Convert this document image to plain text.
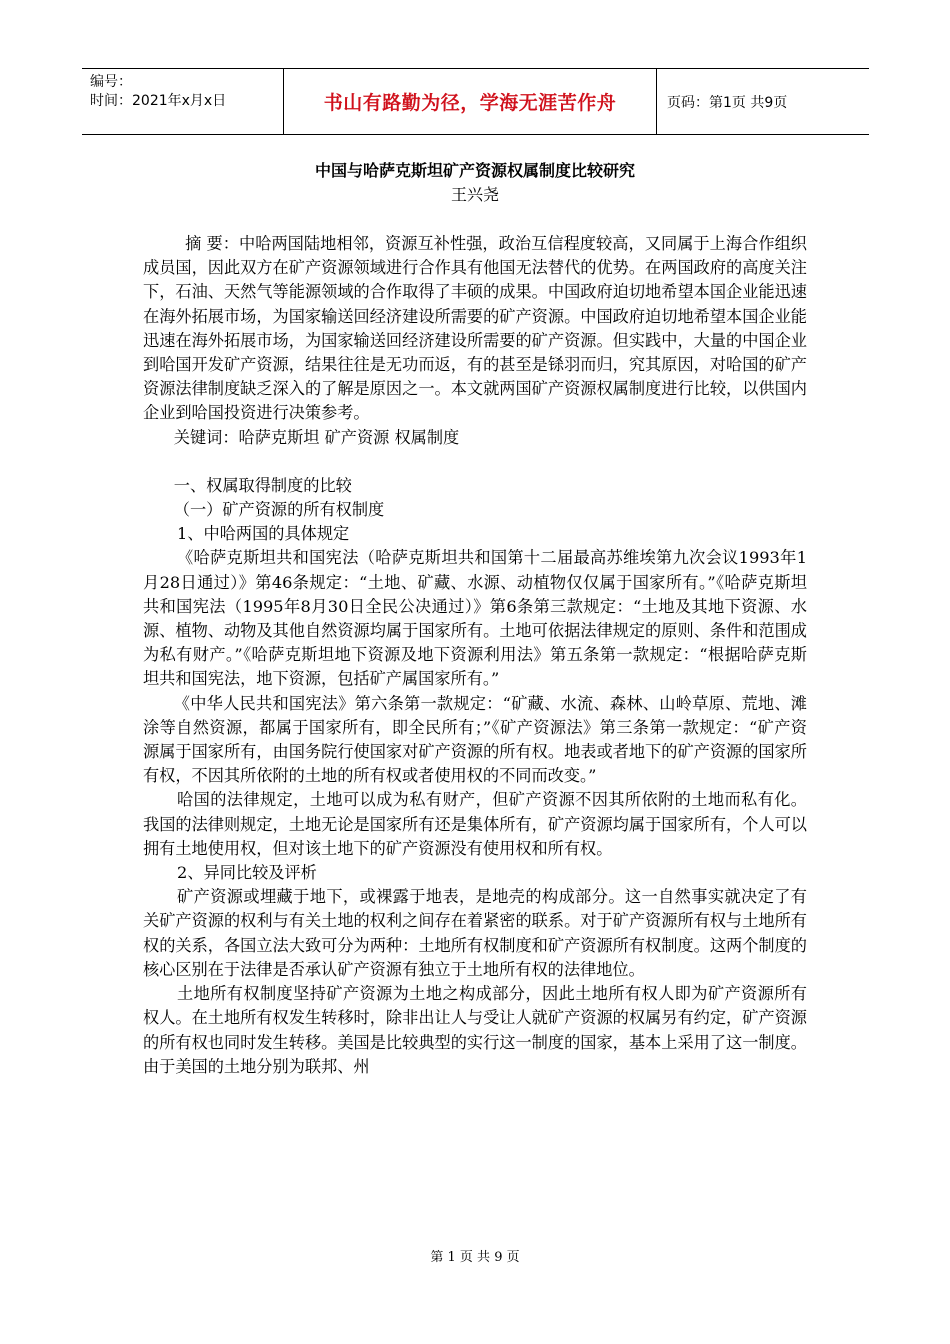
编号：
时间：2021年x月x日	书山有路勤为径，学海无涯苦作舟	页码：第1页 共9页
中国与哈萨克斯坦矿产资源权属制度比较研究
王兴尧

摘 要：中哈两国陆地相邻，资源互补性强，政治互信程度较高，又同属于上海合作组织成员国，因此双方在矿产资源领域进行合作具有他国无法替代的优势。在两国政府的高度关注下，石油、天然气等能源领域的合作取得了丰硕的成果。中国政府迫切地希望本国企业能迅速在海外拓展市场，为国家输送回经济建设所需要的矿产资源。中国政府迫切地希望本国企业能迅速在海外拓展市场，为国家输送回经济建设所需要的矿产资源。但实践中，大量的中国企业到哈国开发矿产资源，结果往往是无功而返，有的甚至是铩羽而归，究其原因，对哈国的矿产资源法律制度缺乏深入的了解是原因之一。本文就两国矿产资源权属制度进行比较，以供国内企业到哈国投资进行决策参考。

关键词：哈萨克斯坦 矿产资源 权属制度

一、权属取得制度的比较

（一）矿产资源的所有权制度

1、中哈两国的具体规定

《哈萨克斯坦共和国宪法（哈萨克斯坦共和国第十二届最高苏维埃第九次会议1993年1月28日通过）》第46条规定：“土地、矿藏、水源、动植物仅仅属于国家所有。”《哈萨克斯坦共和国宪法（1995年8月30日全民公决通过）》第6条第三款规定：“土地及其地下资源、水源、植物、动物及其他自然资源均属于国家所有。土地可依据法律规定的原则、条件和范围成为私有财产。”《哈萨克斯坦地下资源及地下资源利用法》第五条第一款规定：“根据哈萨克斯坦共和国宪法，地下资源，包括矿产属国家所有。”

《中华人民共和国宪法》第六条第一款规定：“矿藏、水流、森林、山岭草原、荒地、滩涂等自然资源，都属于国家所有，即全民所有；”《矿产资源法》第三条第一款规定：“矿产资源属于国家所有，由国务院行使国家对矿产资源的所有权。地表或者地下的矿产资源的国家所有权，不因其所依附的土地的所有权或者使用权的不同而改变。”

哈国的法律规定，土地可以成为私有财产，但矿产资源不因其所依附的土地而私有化。我国的法律则规定，土地无论是国家所有还是集体所有，矿产资源均属于国家所有，个人可以拥有土地使用权，但对该土地下的矿产资源没有使用权和所有权。

2、异同比较及评析

矿产资源或埋藏于地下，或裸露于地表，是地壳的构成部分。这一自然事实就决定了有关矿产资源的权利与有关土地的权利之间存在着紧密的联系。对于矿产资源所有权与土地所有权的关系，各国立法大致可分为两种：土地所有权制度和矿产资源所有权制度。这两个制度的核心区别在于法律是否承认矿产资源有独立于土地所有权的法律地位。

土地所有权制度坚持矿产资源为土地之构成部分，因此土地所有权人即为矿产资源所有权人。在土地所有权发生转移时，除非出让人与受让人就矿产资源的权属另有约定，矿产资源的所有权也同时发生转移。美国是比较典型的实行这一制度的国家，基本上采用了这一制度。由于美国的土地分别为联邦、州

第 1 页 共 9 页
